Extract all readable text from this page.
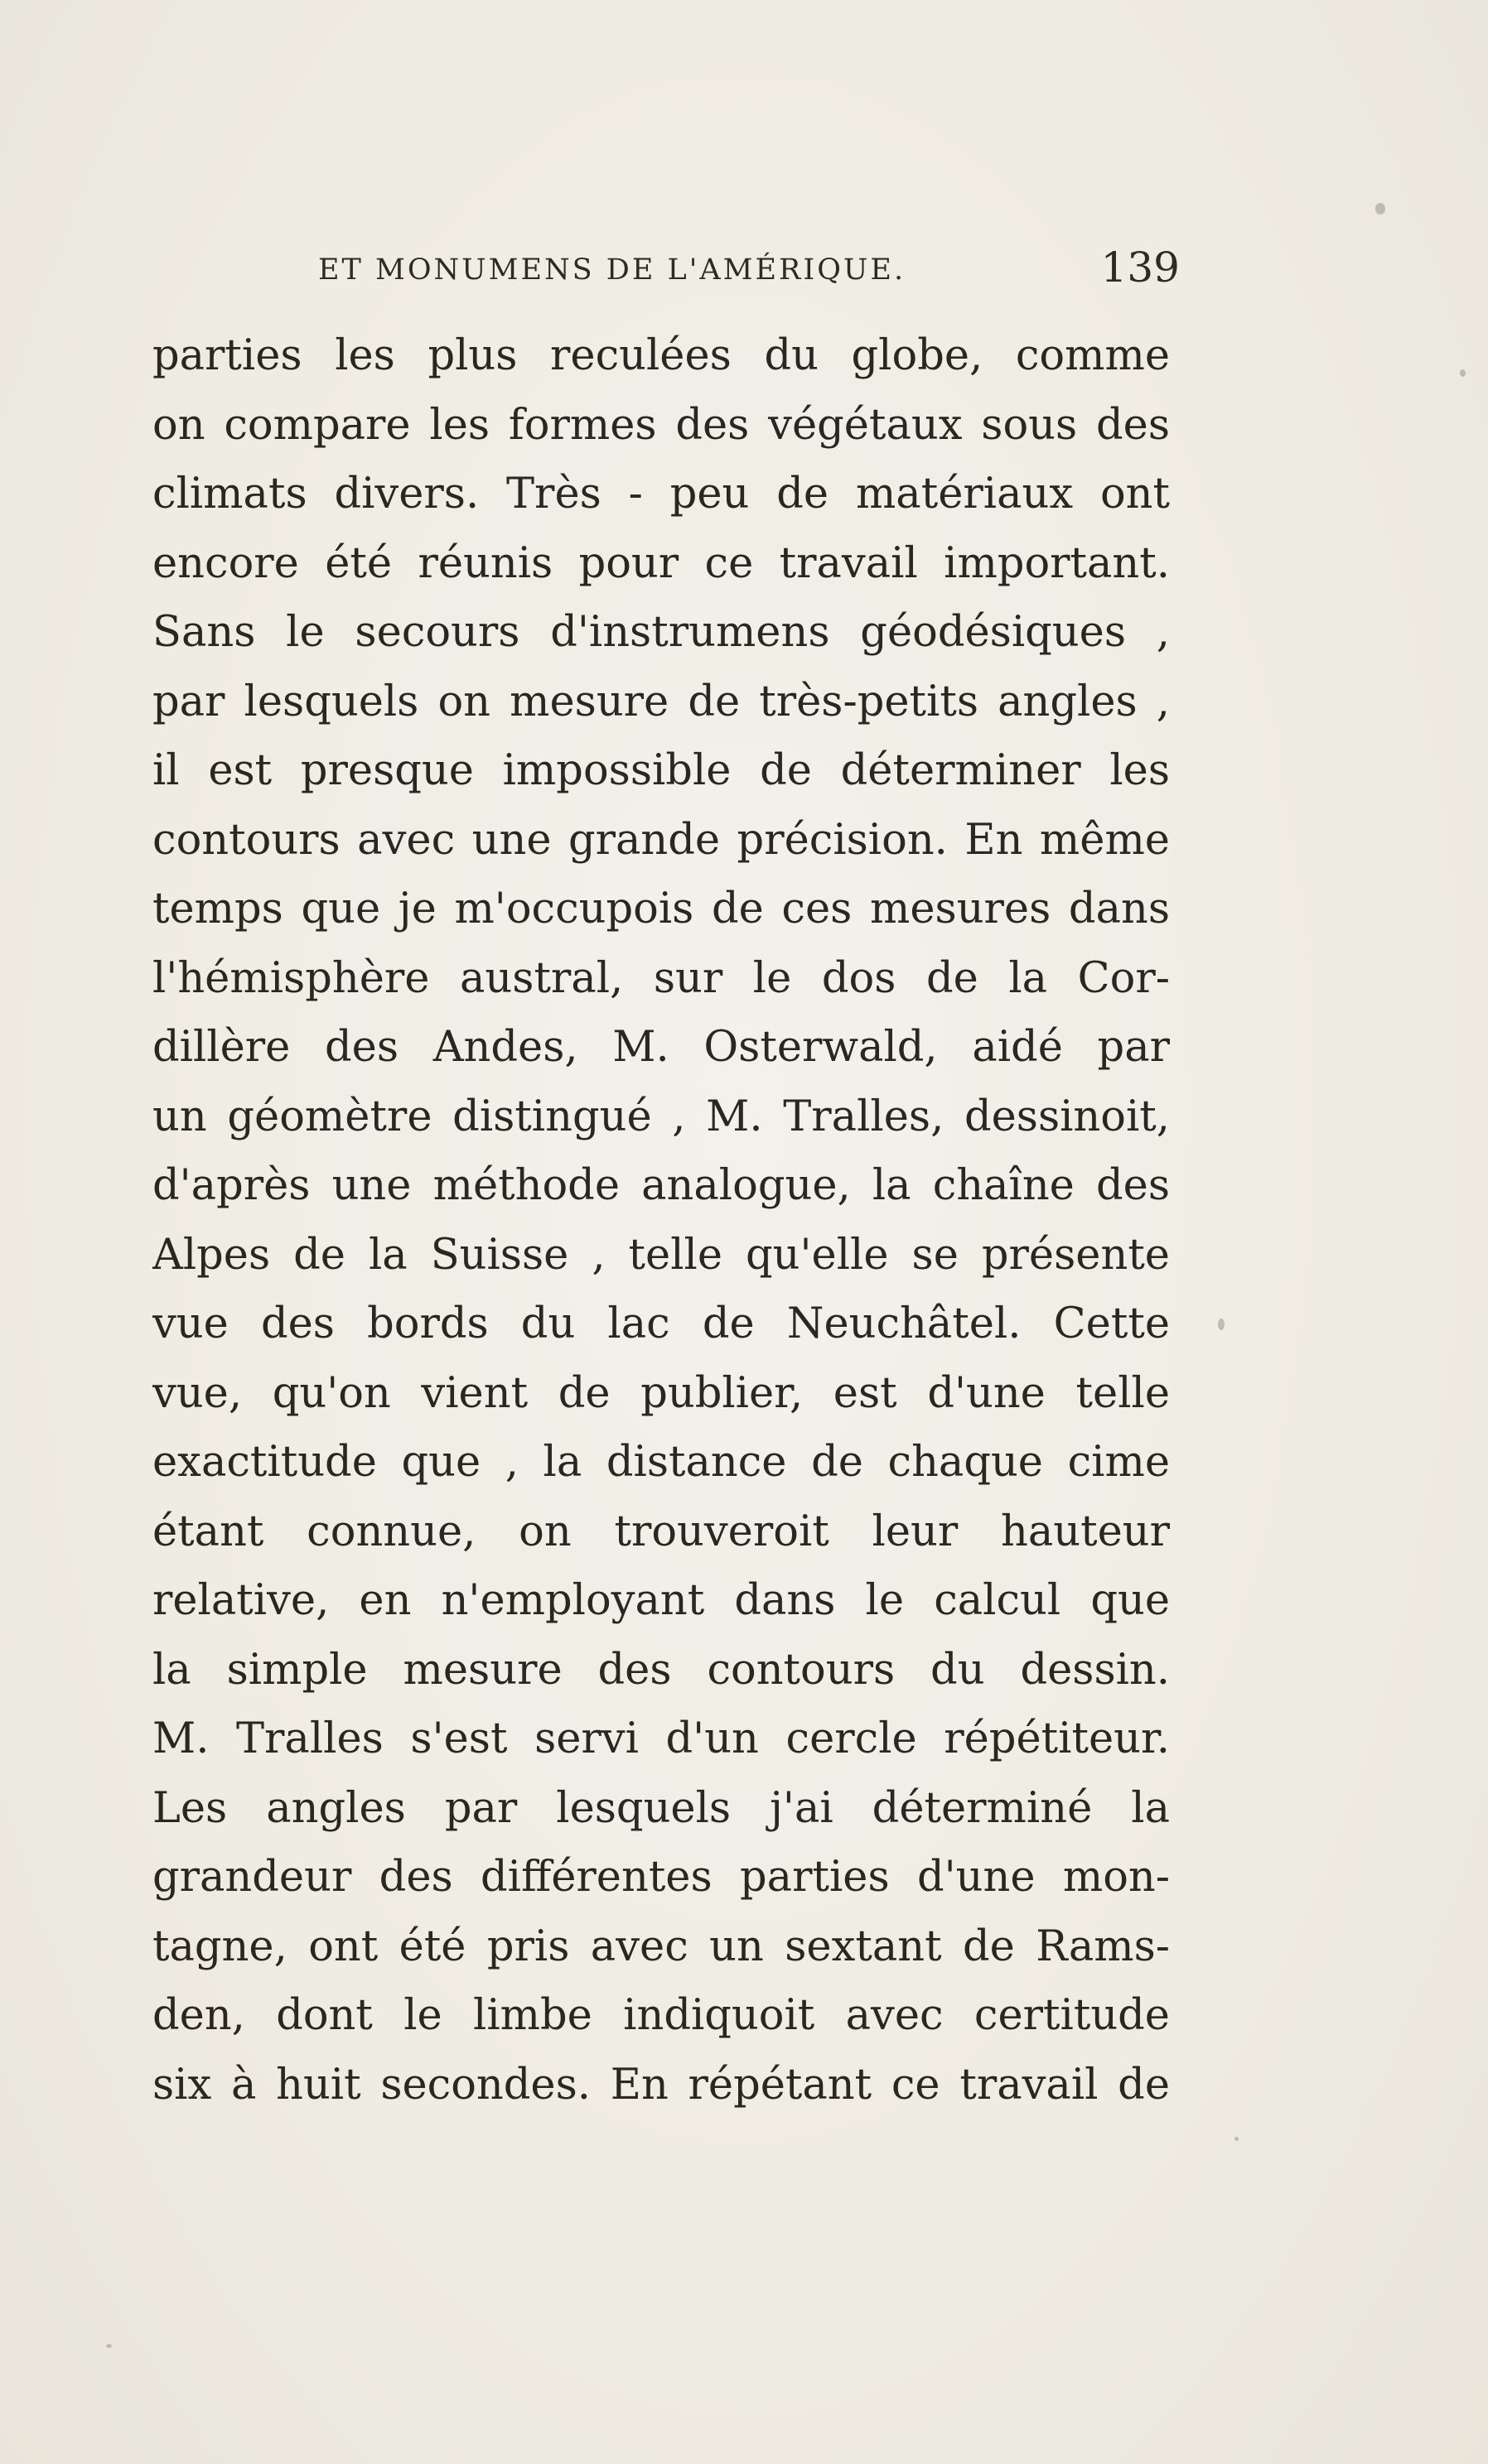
ET MONUMENS DE L'AMÉRIQUE.	139
parties les plus reculées du globe, comme
on compare les formes des végétaux sous des
climats divers. Très - peu de matériaux ont
encore été réunis pour ce travail important.
Sans le secours d'instrumens géodésiques ,
par lesquels on mesure de très-petits angles ,
il est presque impossible de déterminer les
contours avec une grande précision. En même
temps que je m'occupois de ces mesures dans
l'hémisphère austral, sur le dos de la Cor-
dillère des Andes, M. Osterwald, aidé par
un géomètre distingué , M. Tralles, dessinoit,
d'après une méthode analogue, la chaîne des
Alpes de la Suisse , telle qu'elle se présente
vue des bords du lac de Neuchâtel. Cette
vue, qu'on vient de publier, est d'une telle
exactitude que , la distance de chaque cime
étant connue, on trouveroit leur hauteur
relative, en n'employant dans le calcul que
la simple mesure des contours du dessin.
M. Tralles s'est servi d'un cercle répétiteur.
Les angles par lesquels j'ai déterminé la
grandeur des différentes parties d'une mon-
tagne, ont été pris avec un sextant de Rams-
den, dont le limbe indiquoit avec certitude
six à huit secondes. En répétant ce travail de
